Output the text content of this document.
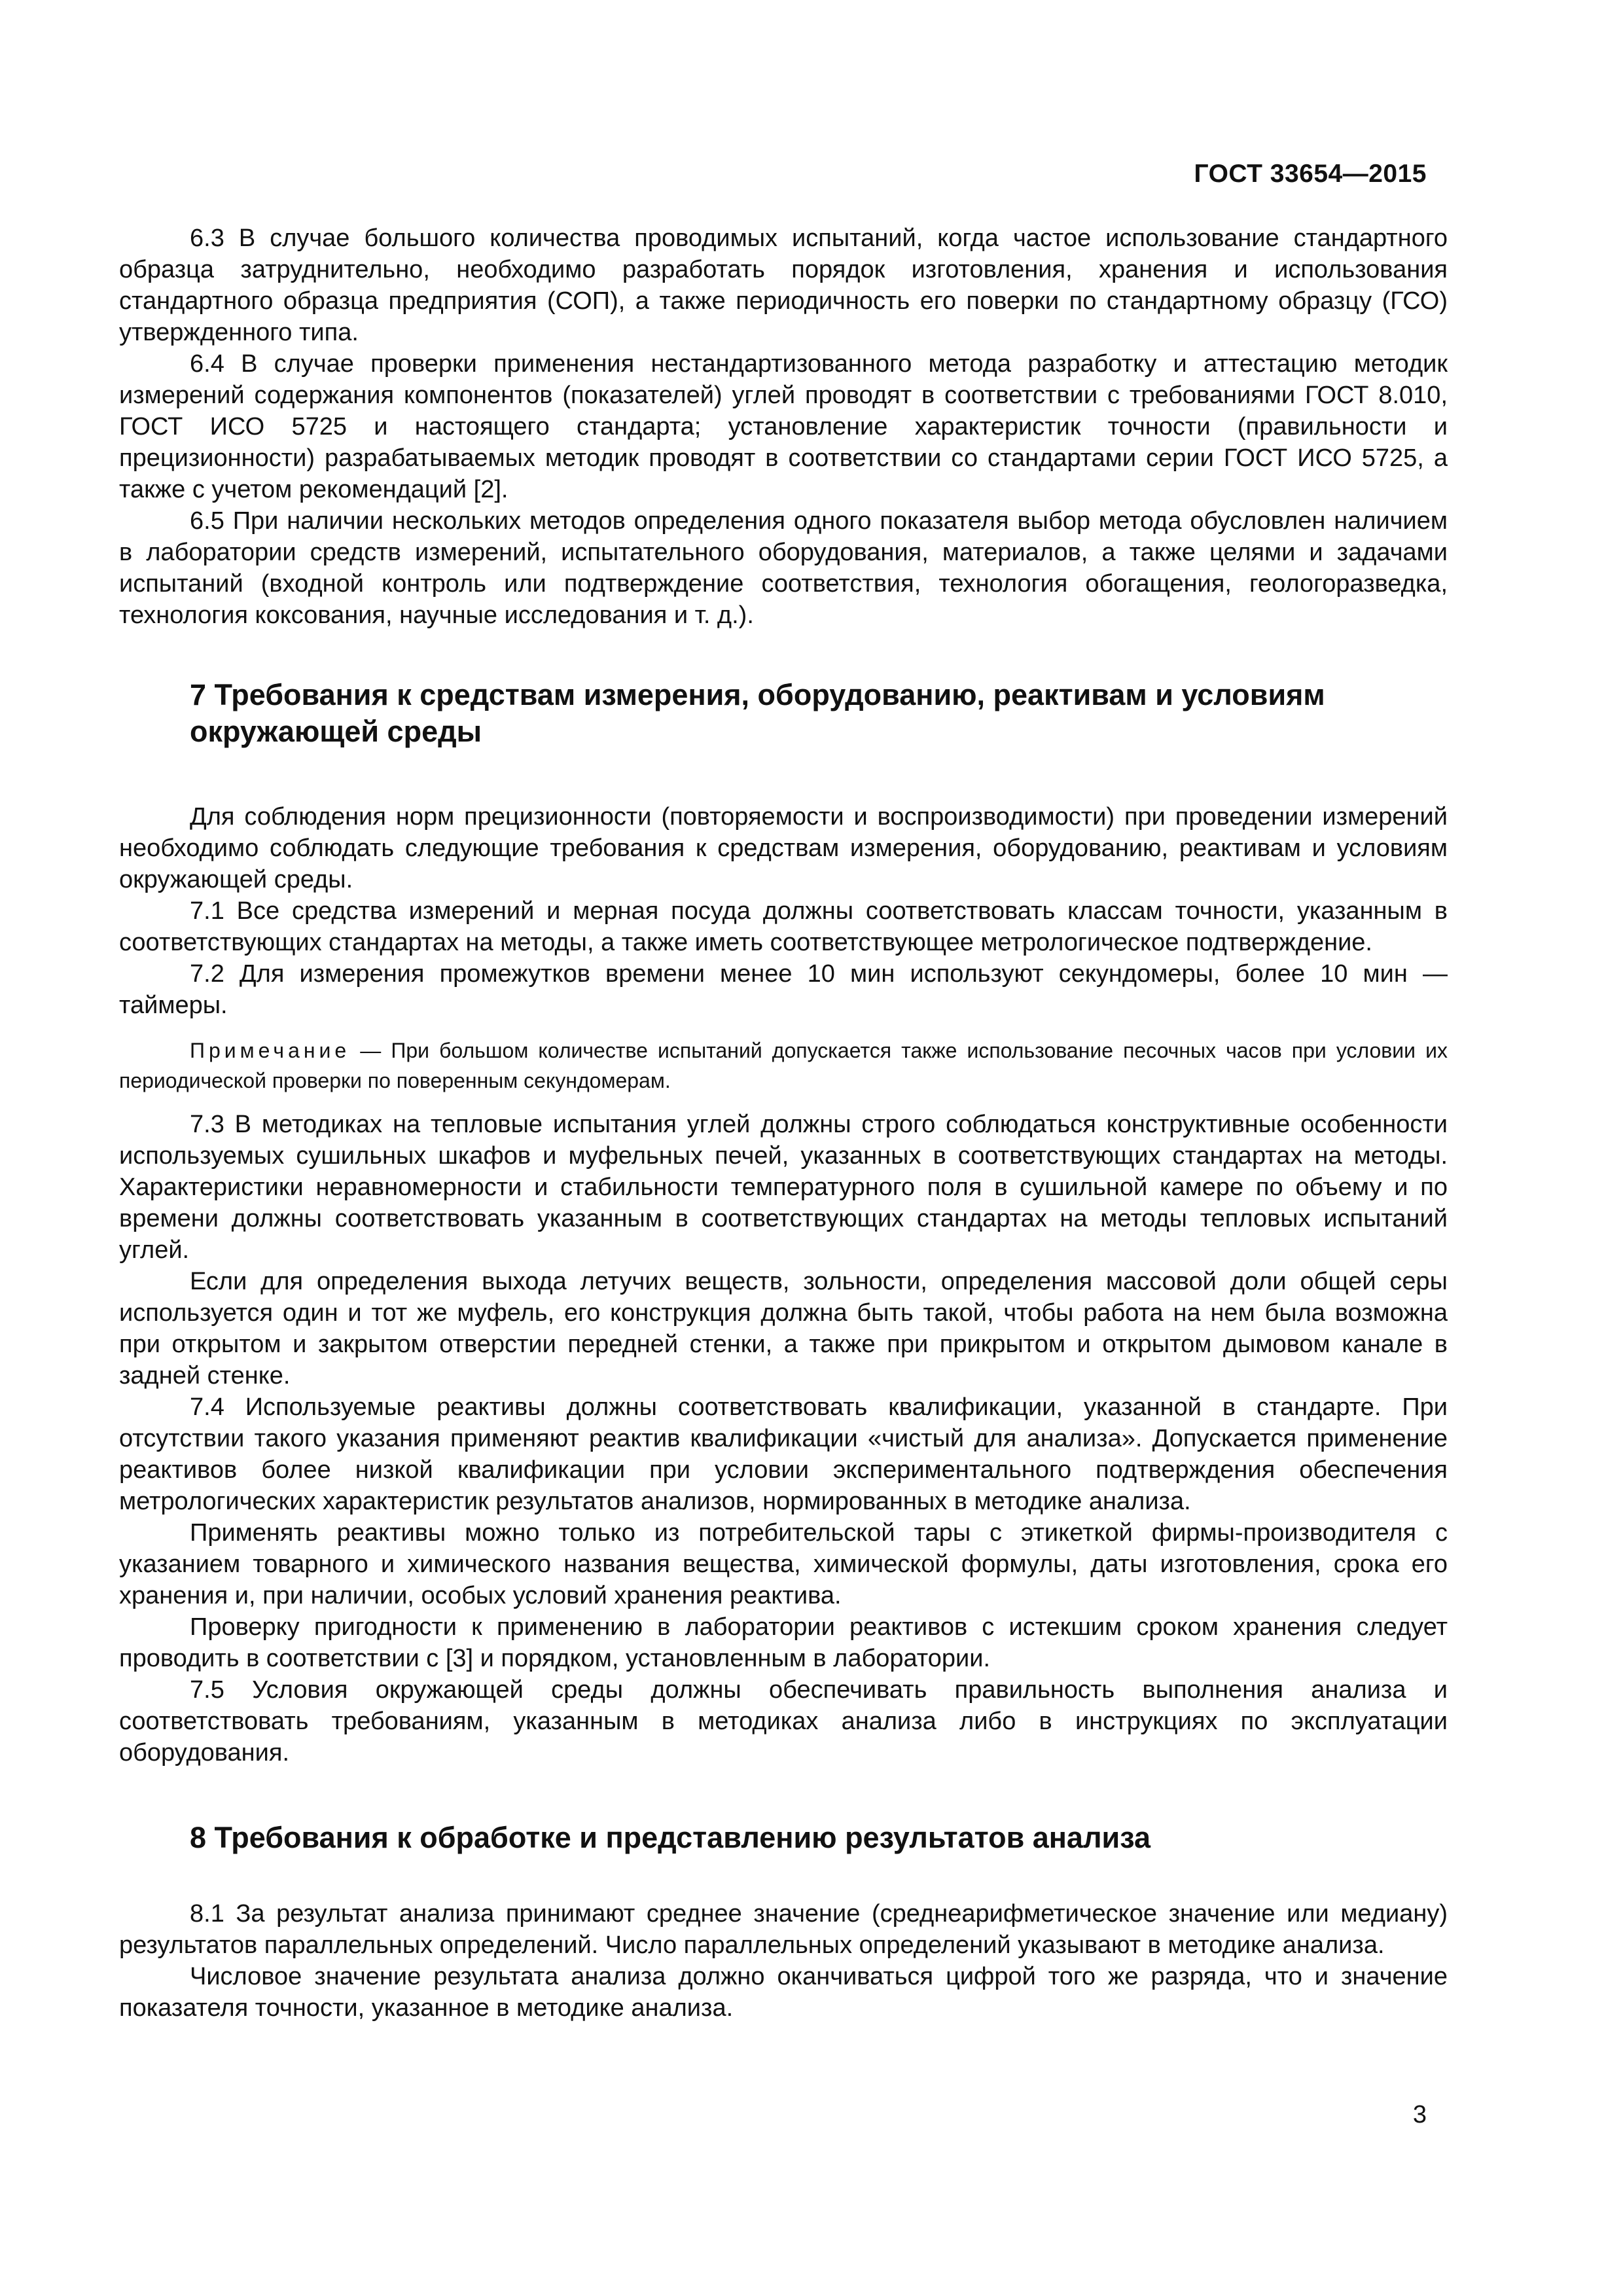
ГОСТ 33654—2015

6.3 В случае большого количества проводимых испытаний, когда частое использование стандартного образца затруднительно, необходимо разработать порядок изготовления, хранения и использования стандартного образца предприятия (СОП), а также периодичность его поверки по стандартному образцу (ГСО) утвержденного типа.

6.4 В случае проверки применения нестандартизованного метода разработку и аттестацию методик измерений содержания компонентов (показателей) углей проводят в соответствии с требованиями ГОСТ 8.010, ГОСТ ИСО 5725 и настоящего стандарта; установление характеристик точности (правильности и прецизионности) разрабатываемых методик проводят в соответствии со стандартами серии ГОСТ ИСО 5725, а также с учетом рекомендаций [2].

6.5 При наличии нескольких методов определения одного показателя выбор метода обусловлен наличием в лаборатории средств измерений, испытательного оборудования, материалов, а также целями и задачами испытаний (входной контроль или подтверждение соответствия, технология обогащения, геологоразведка, технология коксования, научные исследования и т. д.).

7 Требования к средствам измерения, оборудованию, реактивам и условиям окружающей среды

Для соблюдения норм прецизионности (повторяемости и воспроизводимости) при проведении измерений необходимо соблюдать следующие требования к средствам измерения, оборудованию, реактивам и условиям окружающей среды.

7.1 Все средства измерений и мерная посуда должны соответствовать классам точности, указанным в соответствующих стандартах на методы, а также иметь соответствующее метрологическое подтверждение.

7.2 Для измерения промежутков времени менее 10 мин используют секундомеры, более 10 мин — таймеры.

Примечание — При большом количестве испытаний допускается также использование песочных часов при условии их периодической проверки по поверенным секундомерам.

7.3 В методиках на тепловые испытания углей должны строго соблюдаться конструктивные особенности используемых сушильных шкафов и муфельных печей, указанных в соответствующих стандартах на методы. Характеристики неравномерности и стабильности температурного поля в сушильной камере по объему и по времени должны соответствовать указанным в соответствующих стандартах на методы тепловых испытаний углей.

Если для определения выхода летучих веществ, зольности, определения массовой доли общей серы используется один и тот же муфель, его конструкция должна быть такой, чтобы работа на нем была возможна при открытом и закрытом отверстии передней стенки, а также при прикрытом и открытом дымовом канале в задней стенке.

7.4 Используемые реактивы должны соответствовать квалификации, указанной в стандарте. При отсутствии такого указания применяют реактив квалификации «чистый для анализа». Допускается применение реактивов более низкой квалификации при условии экспериментального подтверждения обеспечения метрологических характеристик результатов анализов, нормированных в методике анализа.

Применять реактивы можно только из потребительской тары с этикеткой фирмы-производителя с указанием товарного и химического названия вещества, химической формулы, даты изготовления, срока его хранения и, при наличии, особых условий хранения реактива.

Проверку пригодности к применению в лаборатории реактивов с истекшим сроком хранения следует проводить в соответствии с [3] и порядком, установленным в лаборатории.

7.5 Условия окружающей среды должны обеспечивать правильность выполнения анализа и соответствовать требованиям, указанным в методиках анализа либо в инструкциях по эксплуатации оборудования.

8 Требования к обработке и представлению результатов анализа

8.1 За результат анализа принимают среднее значение (среднеарифметическое значение или медиану) результатов параллельных определений. Число параллельных определений указывают в методике анализа.

Числовое значение результата анализа должно оканчиваться цифрой того же разряда, что и значение показателя точности, указанное в методике анализа.

3
